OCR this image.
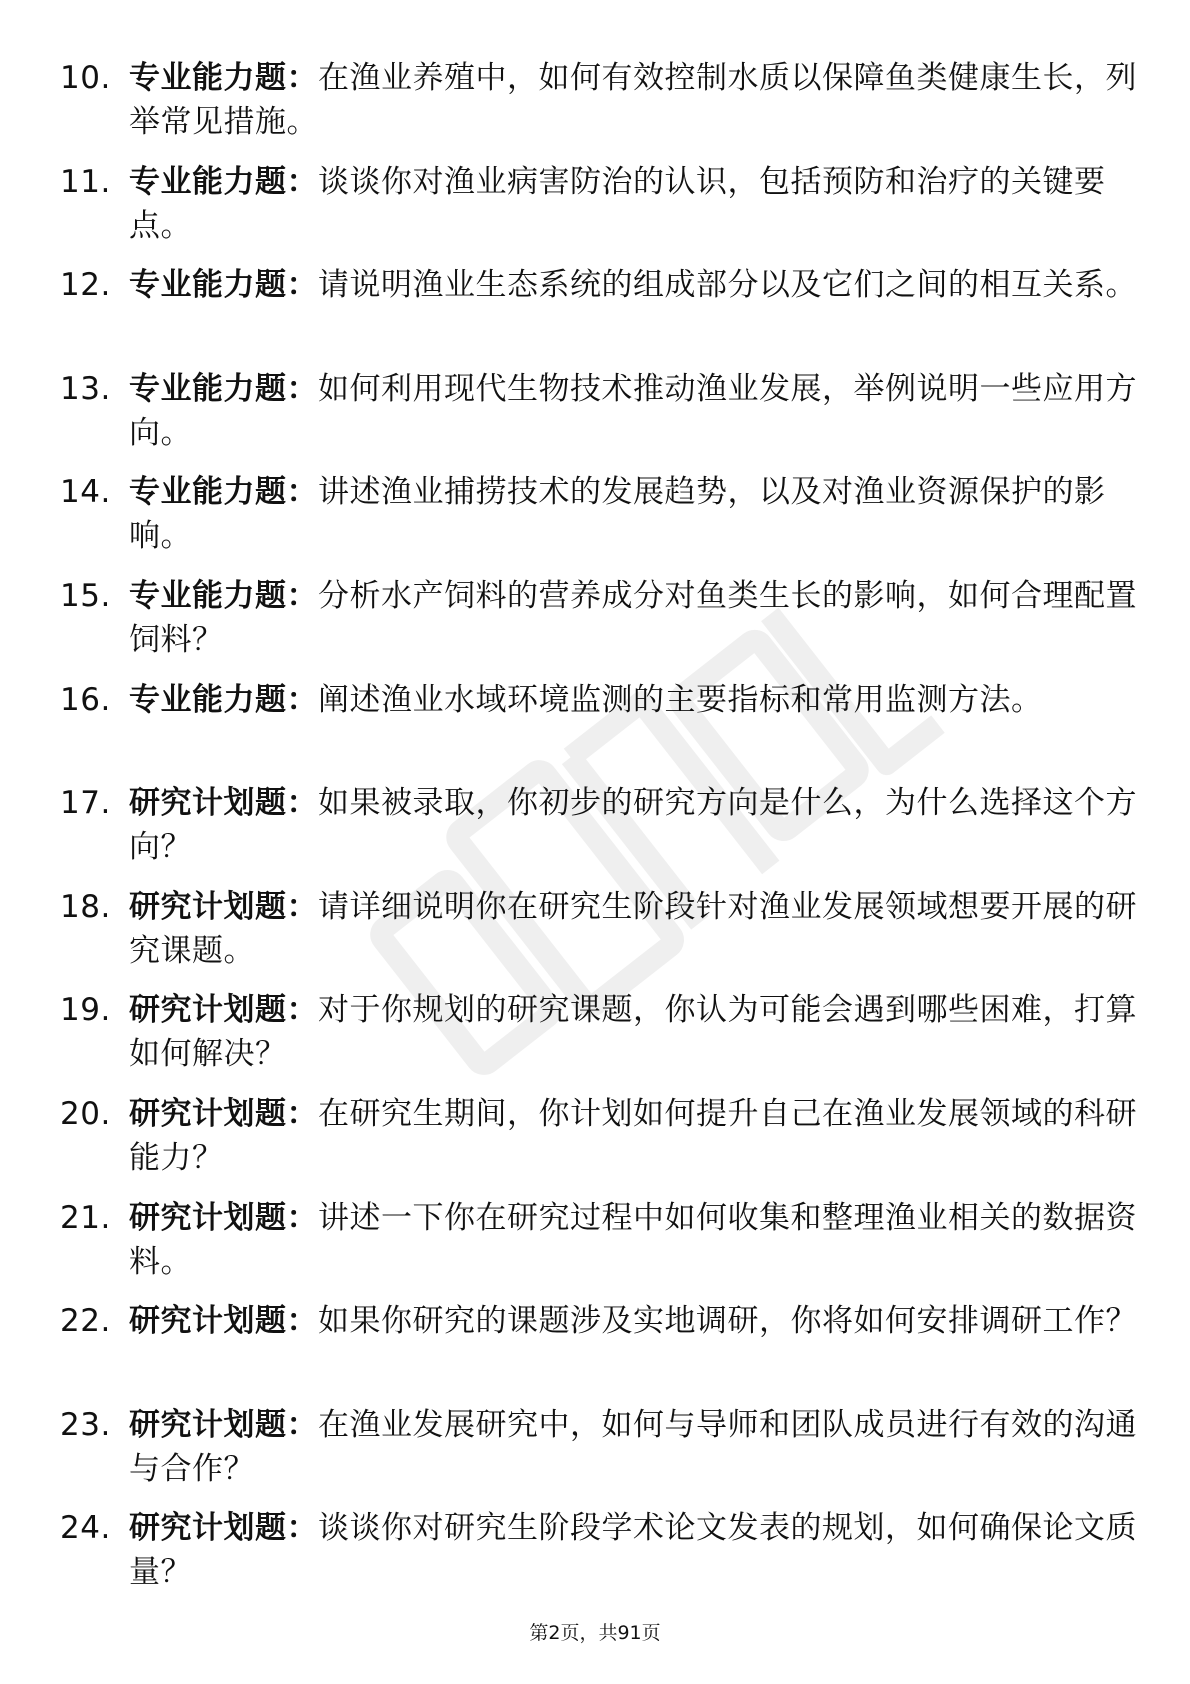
10. 专业能力题：在渔业养殖中，如何有效控制水质以保障鱼类健康生长，列举常见措施。
11. 专业能力题：谈谈你对渔业病害防治的认识，包括预防和治疗的关键要点。
12. 专业能力题：请说明渔业生态系统的组成部分以及它们之间的相互关系。
13. 专业能力题：如何利用现代生物技术推动渔业发展，举例说明一些应用方向。
14. 专业能力题：讲述渔业捕捞技术的发展趋势，以及对渔业资源保护的影响。
15. 专业能力题：分析水产饲料的营养成分对鱼类生长的影响，如何合理配置饲料？
16. 专业能力题：阐述渔业水域环境监测的主要指标和常用监测方法。
17. 研究计划题：如果被录取，你初步的研究方向是什么，为什么选择这个方向？
18. 研究计划题：请详细说明你在研究生阶段针对渔业发展领域想要开展的研究课题。
19. 研究计划题：对于你规划的研究课题，你认为可能会遇到哪些困难，打算如何解决？
20. 研究计划题：在研究生期间，你计划如何提升自己在渔业发展领域的科研能力？
21. 研究计划题：讲述一下你在研究过程中如何收集和整理渔业相关的数据资料。
22. 研究计划题：如果你研究的课题涉及实地调研，你将如何安排调研工作？
23. 研究计划题：在渔业发展研究中，如何与导师和团队成员进行有效的沟通与合作？
24. 研究计划题：谈谈你对研究生阶段学术论文发表的规划，如何确保论文质量？
第2页，共91页
